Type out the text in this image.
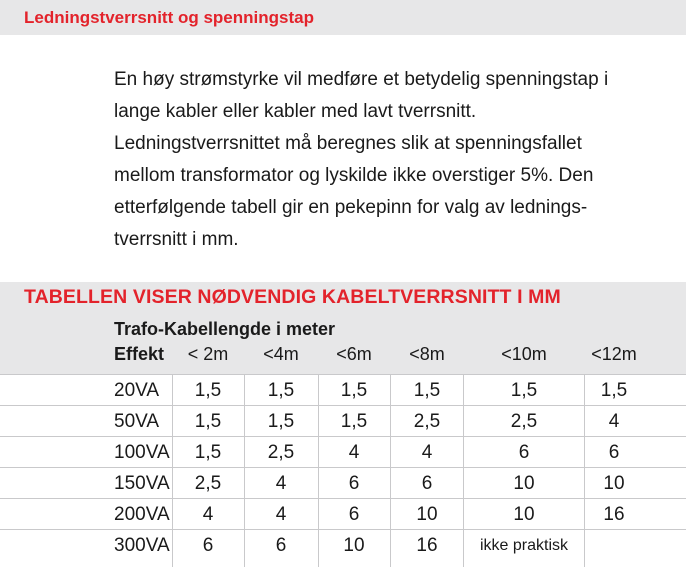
Ledningstverrsnitt og spenningstap
En høy strømstyrke vil medføre et betydelig spenningstap i
lange kabler eller kabler med lavt tverrsnitt.
Ledningstverrsnittet må beregnes slik at spenningsfallet
mellom transformator og lyskilde ikke overstiger 5%. Den
etterfølgende tabell gir en pekepinn for valg av lednings-
tverrsnitt i mm.
TABELLEN VISER NØDVENDIG KABELTVERRSNITT I MM
Trafo-Kabellengde i meter
Effekt < 2m <4m <6m <8m	<10m <12m
20VA 1,5 1,5 1,5 1,5	1,5	1,5
50VA 1,5 1,5 1,5 2,5	2,5	4
100VA 1,5 2,5	4	4	6	6
150VA 2,5	4	6	6	10	10
200VA 4	4	6	10	10	16
300VA 6	6	10	16	ikke praktisk
